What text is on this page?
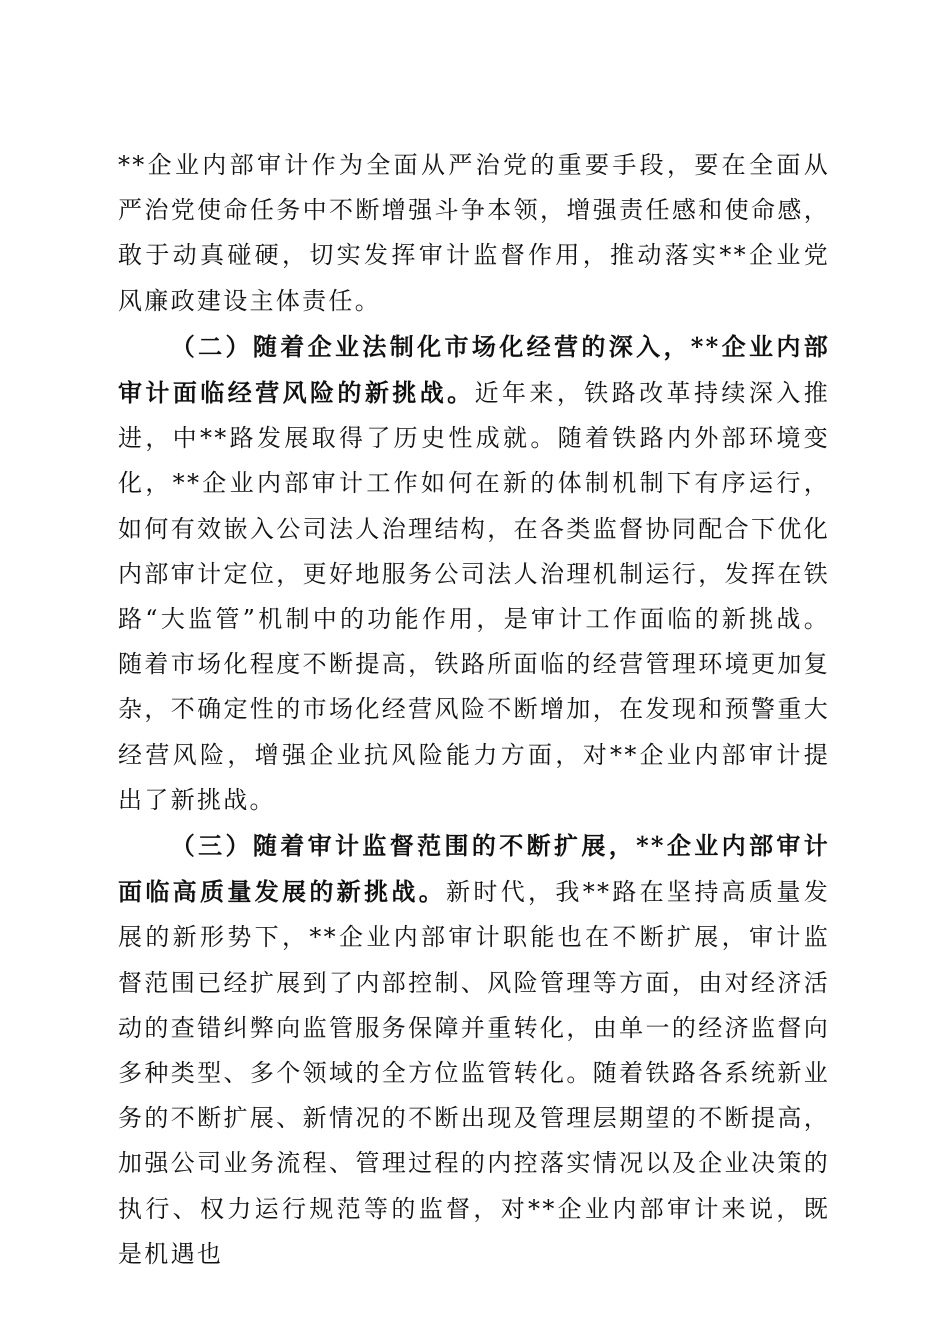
**企业内部审计作为全面从严治党的重要手段，要在全面从严治党使命任务中不断增强斗争本领，增强责任感和使命感，敢于动真碰硬，切实发挥审计监督作用，推动落实**企业党风廉政建设主体责任。

（二）随着企业法制化市场化经营的深入，**企业内部审计面临经营风险的新挑战。近年来，铁路改革持续深入推进，中**路发展取得了历史性成就。随着铁路内外部环境变化，**企业内部审计工作如何在新的体制机制下有序运行，如何有效嵌入公司法人治理结构，在各类监督协同配合下优化内部审计定位，更好地服务公司法人治理机制运行，发挥在铁路“大监管”机制中的功能作用，是审计工作面临的新挑战。随着市场化程度不断提高，铁路所面临的经营管理环境更加复杂，不确定性的市场化经营风险不断增加，在发现和预警重大经营风险，增强企业抗风险能力方面，对**企业内部审计提出了新挑战。

（三）随着审计监督范围的不断扩展，**企业内部审计面临高质量发展的新挑战。新时代，我**路在坚持高质量发展的新形势下，**企业内部审计职能也在不断扩展，审计监督范围已经扩展到了内部控制、风险管理等方面，由对经济活动的查错纠弊向监管服务保障并重转化，由单一的经济监督向多种类型、多个领域的全方位监管转化。随着铁路各系统新业务的不断扩展、新情况的不断出现及管理层期望的不断提高，加强公司业务流程、管理过程的内控落实情况以及企业决策的执行、权力运行规范等的监督，对**企业内部审计来说，既是机遇也
